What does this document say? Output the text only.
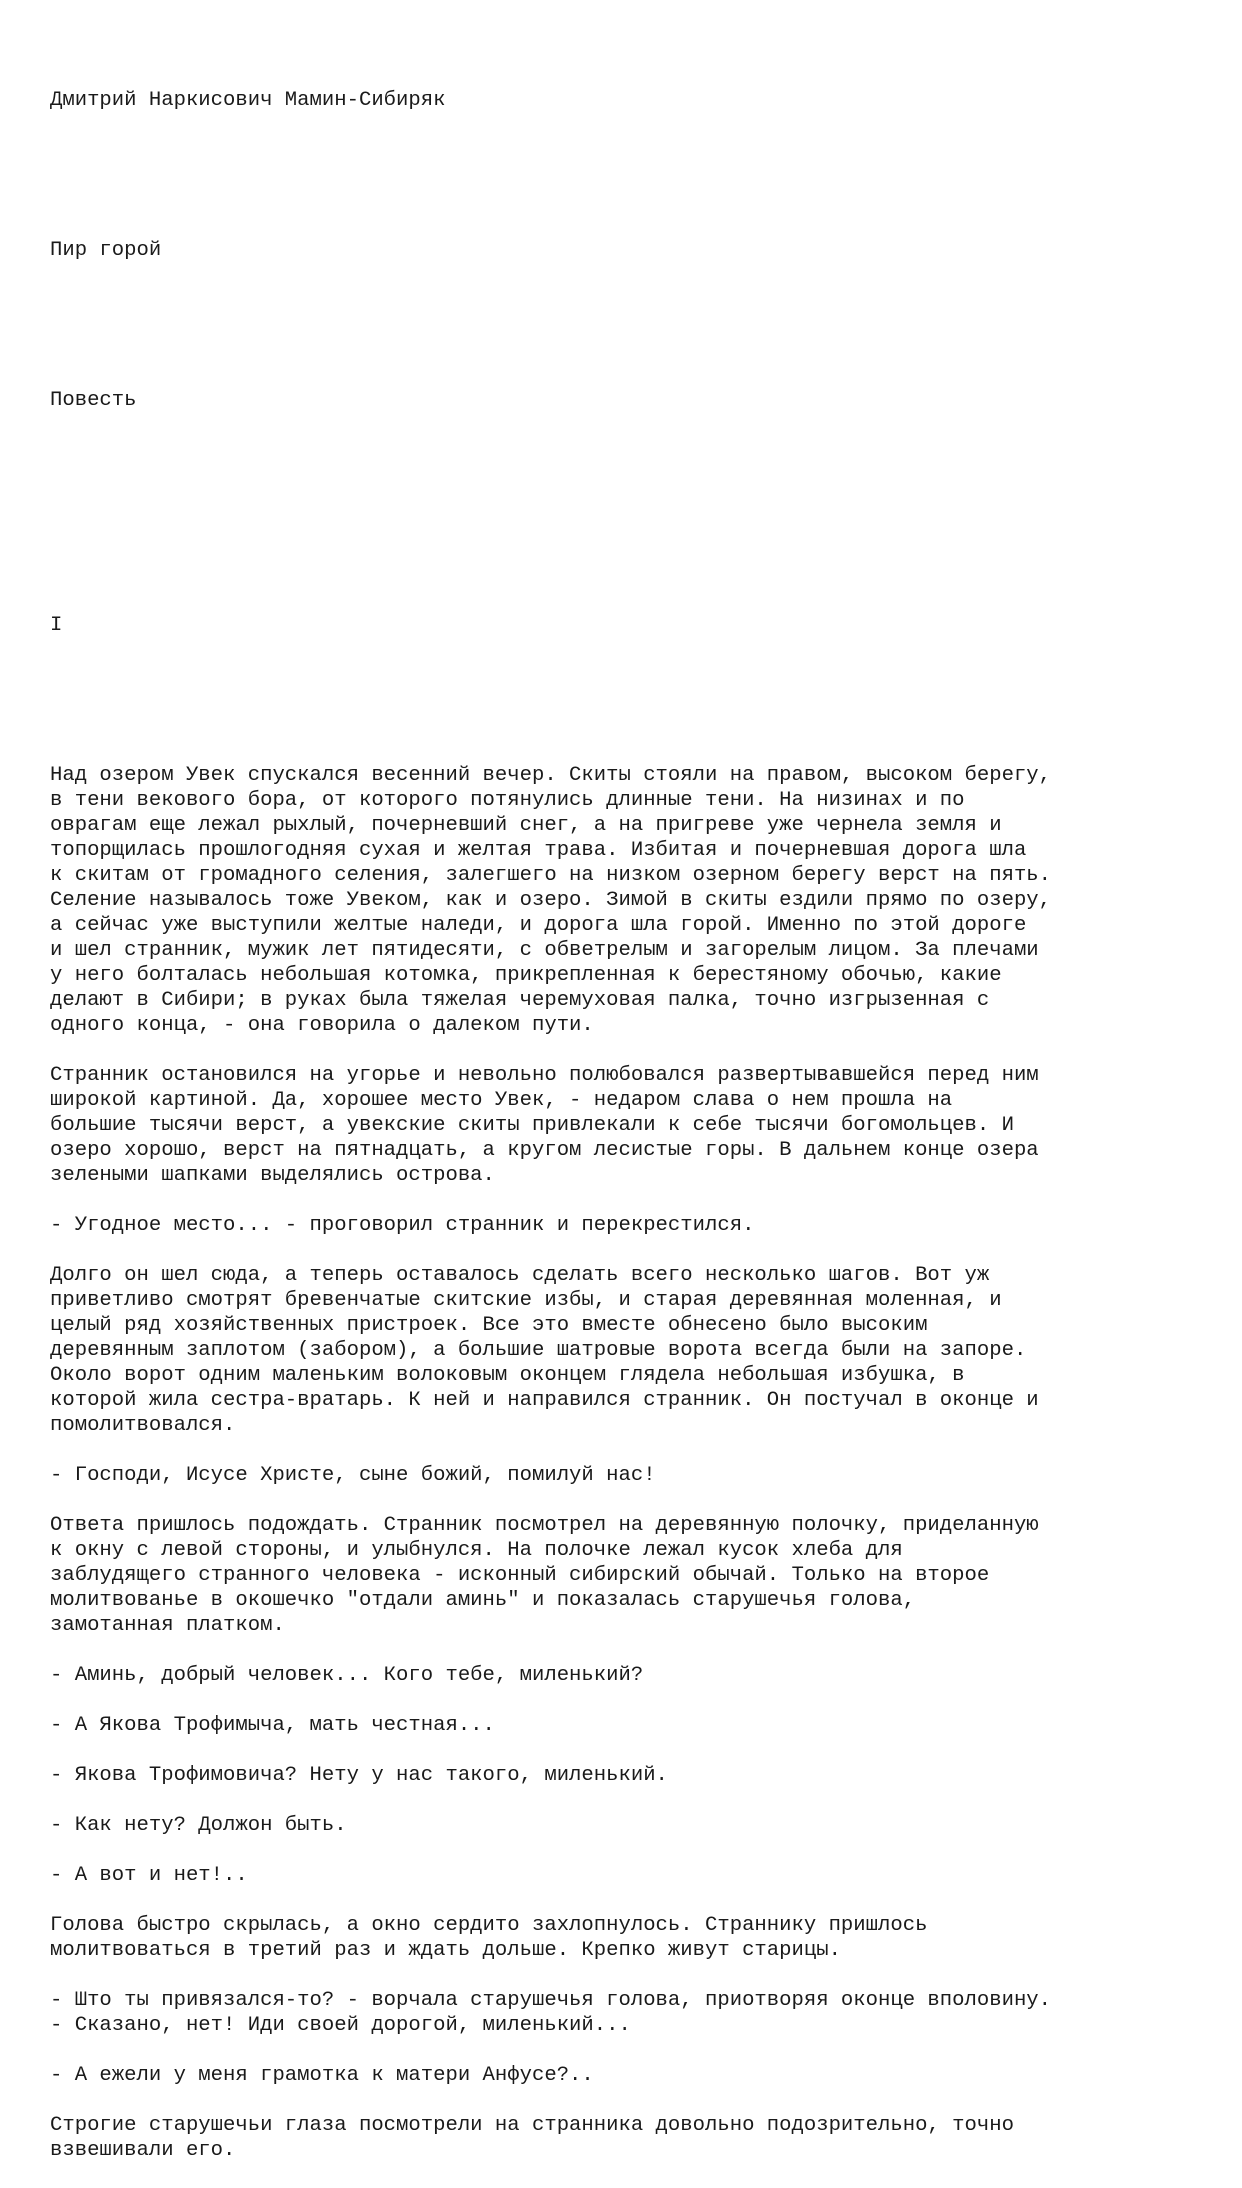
Дмитрий Наркисович Мамин-Сибиряк

Пир горой

Повесть

I

Над озером Увек спускался весенний вечер. Скиты стояли на правом, высоком берегу,
в тени векового бора, от которого потянулись длинные тени. На низинах и по
оврагам еще лежал рыхлый, почерневший снег, а на пригреве уже чернела земля и
топорщилась прошлогодняя сухая и желтая трава. Избитая и почерневшая дорога шла
к скитам от громадного селения, залегшего на низком озерном берегу верст на пять.
Селение называлось тоже Увеком, как и озеро. Зимой в скиты ездили прямо по озеру,
а сейчас уже выступили желтые наледи, и дорога шла горой. Именно по этой дороге
и шел странник, мужик лет пятидесяти, с обветрелым и загорелым лицом. За плечами
у него болталась небольшая котомка, прикрепленная к берестяному обочью, какие
делают в Сибири; в руках была тяжелая черемуховая палка, точно изгрызенная с
одного конца, - она говорила о далеком пути.
Странник остановился на угорье и невольно полюбовался развертывавшейся перед ним
широкой картиной. Да, хорошее место Увек, - недаром слава о нем прошла на
большие тысячи верст, а увекские скиты привлекали к себе тысячи богомольцев. И
озеро хорошо, верст на пятнадцать, а кругом лесистые горы. В дальнем конце озера
зелеными шапками выделялись острова.
- Угодное место... - проговорил странник и перекрестился.
Долго он шел сюда, а теперь оставалось сделать всего несколько шагов. Вот уж
приветливо смотрят бревенчатые скитские избы, и старая деревянная моленная, и
целый ряд хозяйственных пристроек. Все это вместе обнесено было высоким
деревянным заплотом (забором), а большие шатровые ворота всегда были на запоре.
Около ворот одним маленьким волоковым оконцем глядела небольшая избушка, в
которой жила сестра-вратарь. К ней и направился странник. Он постучал в оконце и
помолитвовался.
- Господи, Исусе Христе, сыне божий, помилуй нас!
Ответа пришлось подождать. Странник посмотрел на деревянную полочку, приделанную
к окну с левой стороны, и улыбнулся. На полочке лежал кусок хлеба для
заблудящего странного человека - исконный сибирский обычай. Только на второе
молитвованье в окошечко "отдали аминь" и показалась старушечья голова,
замотанная платком.
- Аминь, добрый человек... Кого тебе, миленький?
- А Якова Трофимыча, мать честная...
- Якова Трофимовича? Нету у нас такого, миленький.
- Как нету? Должон быть.
- А вот и нет!..
Голова быстро скрылась, а окно сердито захлопнулось. Страннику пришлось
молитвоваться в третий раз и ждать дольше. Крепко живут старицы.
- Што ты привязался-то? - ворчала старушечья голова, приотворяя оконце вполовину.
- Сказано, нет! Иди своей дорогой, миленький...
- А ежели у меня грамотка к матери Анфусе?..
Строгие старушечьи глаза посмотрели на странника довольно подозрительно, точно
взвешивали его.
